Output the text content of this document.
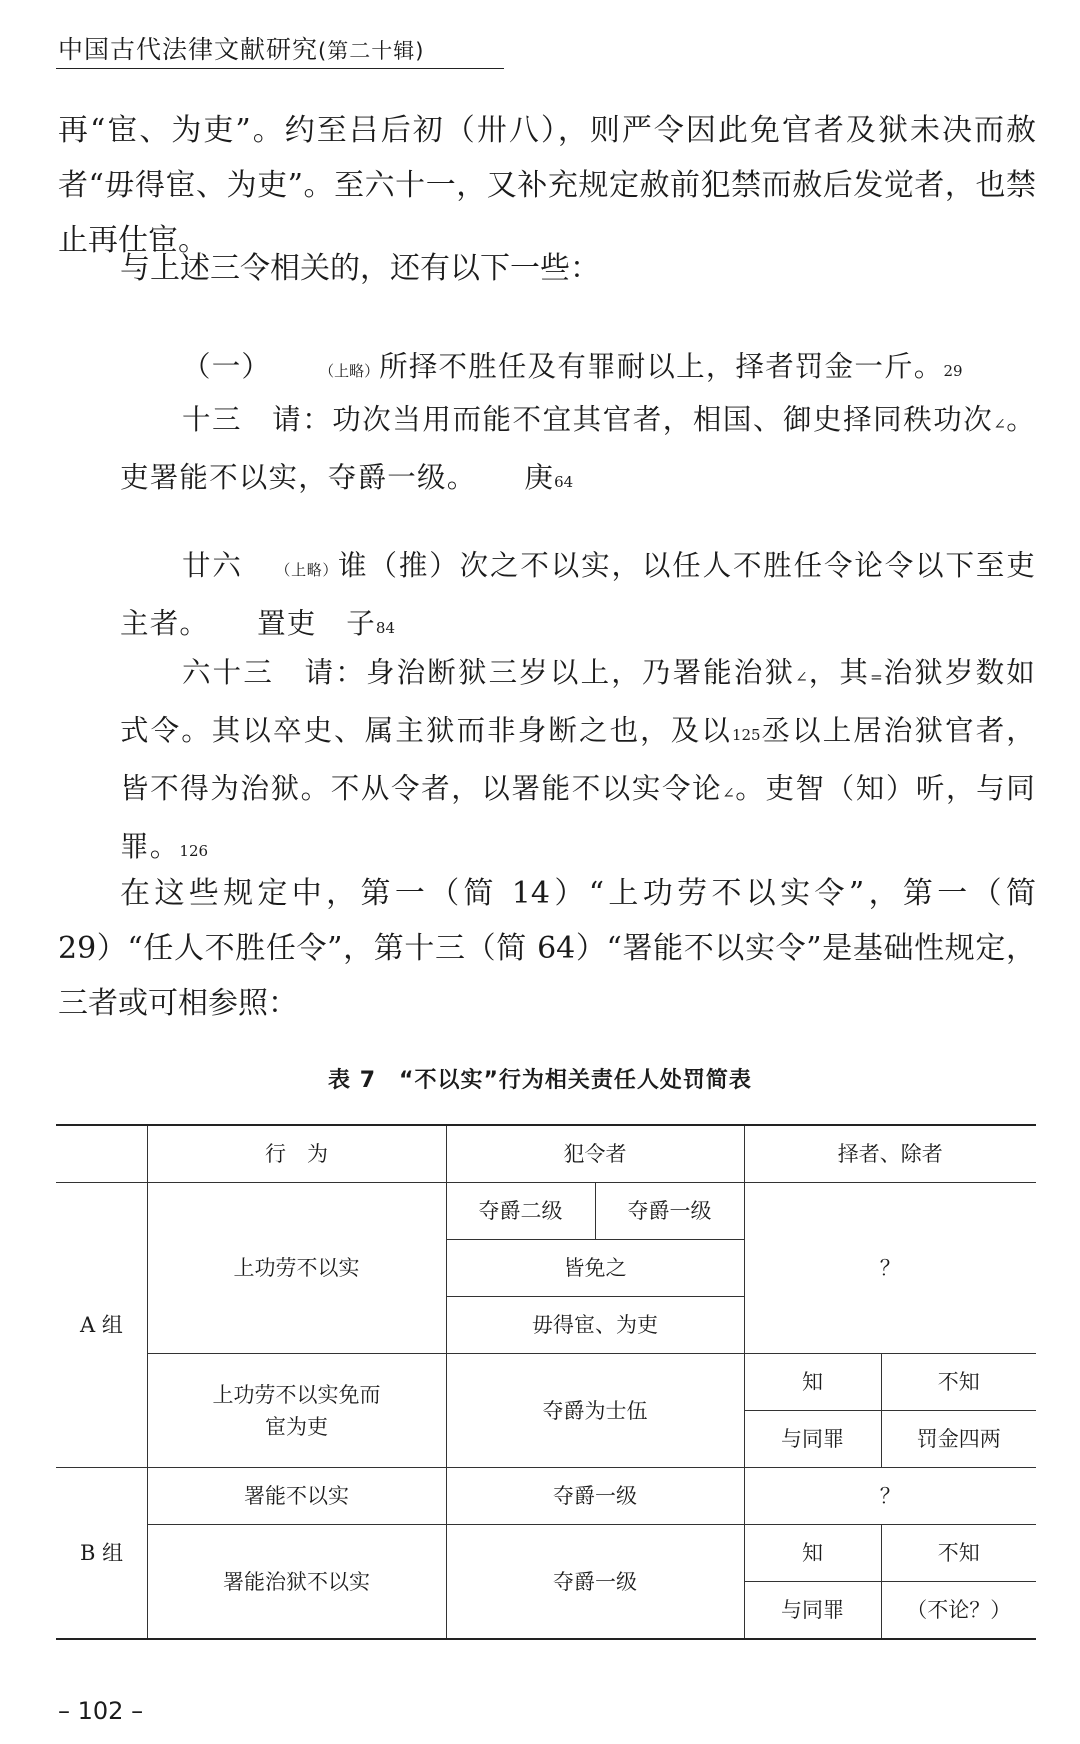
中国古代法律文献研究(第二十辑)

再“宦、为吏”。约至吕后初（卅八），则严令因此免官者及狱未决而赦者“毋得宦、为吏”。至六十一，又补充规定赦前犯禁而赦后发觉者，也禁止再仕宦。

与上述三令相关的，还有以下一些：

（一）	（上略）所择不胜任及有罪耐以上，择者罚金一斤。29

十三　请：功次当用而能不宜其官者，相国、御史择同秩功次∠。吏署能不以实，夺爵一级。 庚64

廿六 （上略）谁（推）次之不以实，以任人不胜任令论令以下至吏主者。 置吏　子84

六十三　请：身治断狱三岁以上，乃署能治狱∠，其=治狱岁数如式令。其以卒史、属主狱而非身断之也，及以125丞以上居治狱官者，皆不得为治狱。不从令者，以署能不以实令论∠。吏智（知）听，与同罪。126

在这些规定中，第一（简 14）“上功劳不以实令”，第一（简 29）“任人不胜任令”，第十三（简 64）“署能不以实令”是基础性规定，三者或可相参照：

表 7　“不以实”行为相关责任人处罚简表
	行　为	犯令者		择者、除者	
A 组	上功劳不以实	夺爵二级	夺爵一级	？	
		皆免之			
		毋得宦、为吏			
	上功劳不以实免而宦为吏	夺爵为士伍		知	不知
				与同罪	罚金四两
B 组	署能不以实	夺爵一级		？	
	署能治狱不以实	夺爵一级		知	不知
				与同罪	（不论？）
– 102 –
